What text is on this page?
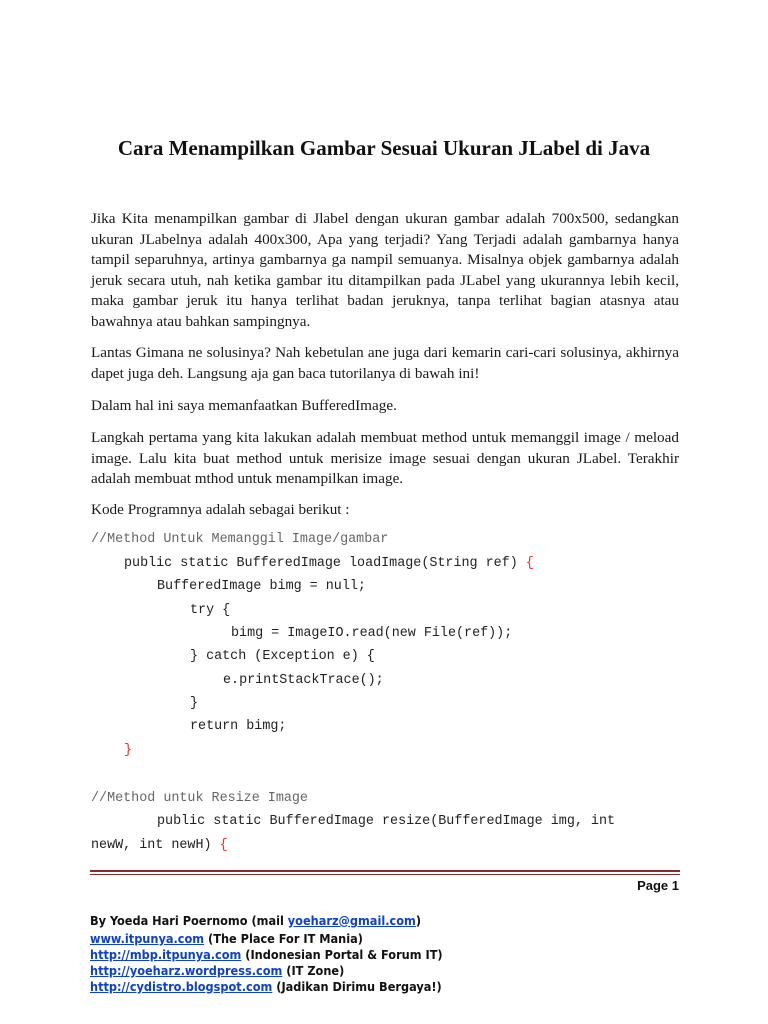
Cara Menampilkan Gambar Sesuai Ukuran JLabel di Java

Jika Kita menampilkan gambar di Jlabel dengan ukuran gambar adalah 700x500, sedangkan ukuran JLabelnya adalah 400x300, Apa yang terjadi? Yang Terjadi adalah gambarnya hanya tampil separuhnya, artinya gambarnya ga nampil semuanya. Misalnya objek gambarnya adalah jeruk secara utuh, nah ketika gambar itu ditampilkan pada JLabel yang ukurannya lebih kecil, maka gambar jeruk itu hanya terlihat badan jeruknya, tanpa terlihat bagian atasnya atau bawahnya atau bahkan sampingnya.

Lantas Gimana ne solusinya? Nah kebetulan ane juga dari kemarin cari-cari solusinya, akhirnya dapet juga deh. Langsung aja gan baca tutorilanya di bawah ini!

Dalam hal ini saya memanfaatkan BufferedImage.

Langkah pertama yang kita lakukan adalah membuat method untuk memanggil image / meload image. Lalu kita buat method untuk merisize image sesuai dengan ukuran JLabel. Terakhir adalah membuat mthod untuk menampilkan image.

Kode Programnya adalah sebagai berikut :

//Method Untuk Memanggil Image/gambar
public static BufferedImage loadImage(String ref) {
BufferedImage bimg = null;
try {
bimg = ImageIO.read(new File(ref));
} catch (Exception e) {
e.printStackTrace();
}
return bimg;
}
//Method untuk Resize Image
public static BufferedImage resize(BufferedImage img, int
newW, int newH) {
Page 1
By Yoeda Hari Poernomo (mail yoeharz@gmail.com)
www.itpunya.com (The Place For IT Mania)
http://mbp.itpunya.com (Indonesian Portal & Forum IT)
http://yoeharz.wordpress.com (IT Zone)
http://cydistro.blogspot.com (Jadikan Dirimu Bergaya!)
